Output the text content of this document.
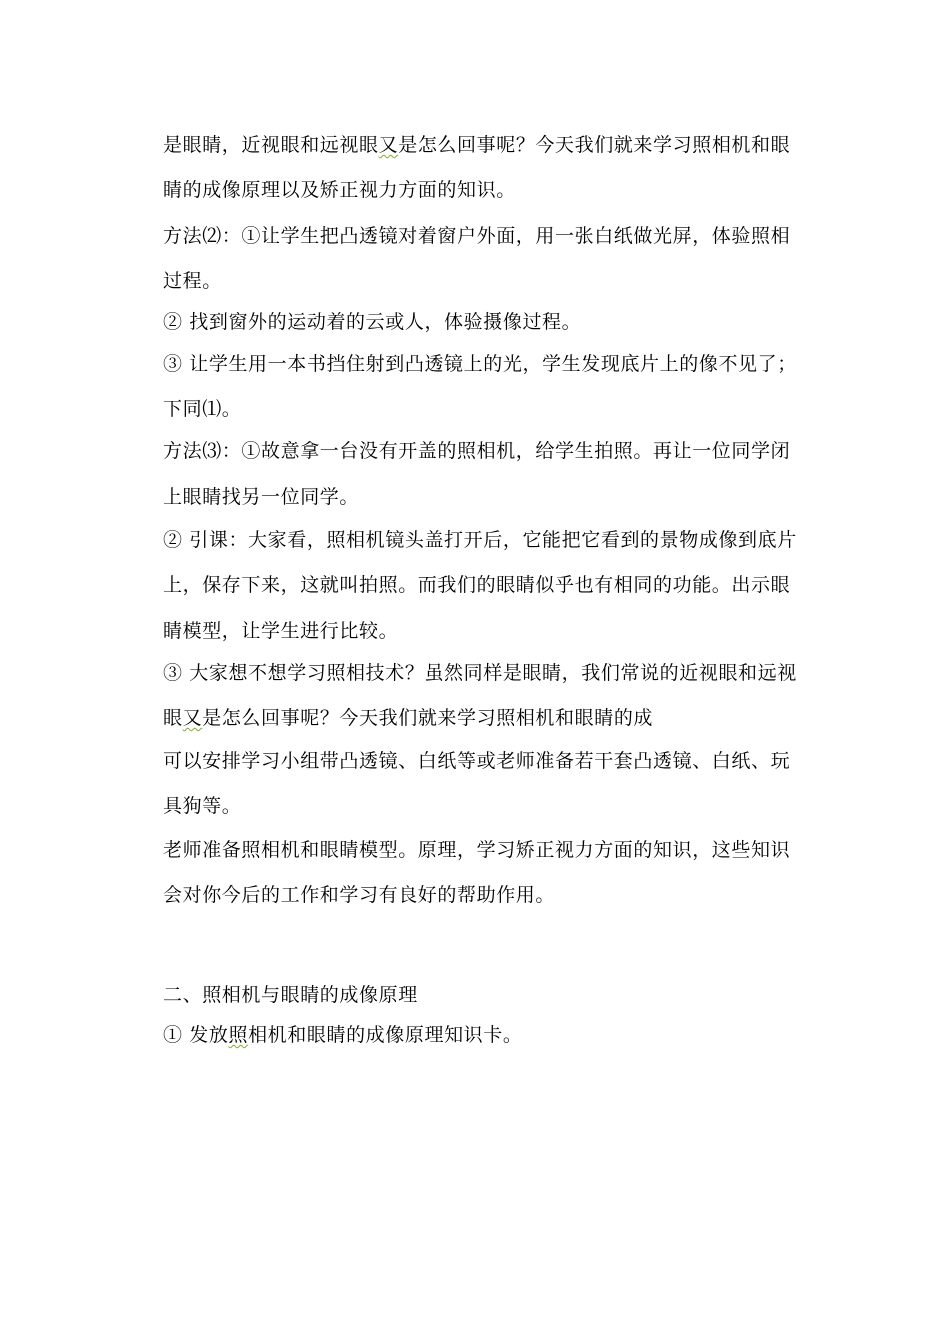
是眼睛，近视眼和远视眼又是怎么回事呢？今天我们就来学习照相机和眼
睛的成像原理以及矫正视力方面的知识。
方法⑵：①让学生把凸透镜对着窗户外面，用一张白纸做光屏，体验照相
过程。
② 找到窗外的运动着的云或人，体验摄像过程。
③ 让学生用一本书挡住射到凸透镜上的光，学生发现底片上的像不见了；
下同⑴。
方法⑶：①故意拿一台没有开盖的照相机，给学生拍照。再让一位同学闭
上眼睛找另一位同学。
② 引课：大家看，照相机镜头盖打开后，它能把它看到的景物成像到底片
上，保存下来，这就叫拍照。而我们的眼睛似乎也有相同的功能。出示眼
睛模型，让学生进行比较。
③ 大家想不想学习照相技术？虽然同样是眼睛，我们常说的近视眼和远视
眼又是怎么回事呢？今天我们就来学习照相机和眼睛的成
可以安排学习小组带凸透镜、白纸等或老师准备若干套凸透镜、白纸、玩
具狗等。
老师准备照相机和眼睛模型。原理，学习矫正视力方面的知识，这些知识
会对你今后的工作和学习有良好的帮助作用。
二、照相机与眼睛的成像原理
① 发放照相机和眼睛的成像原理知识卡。
